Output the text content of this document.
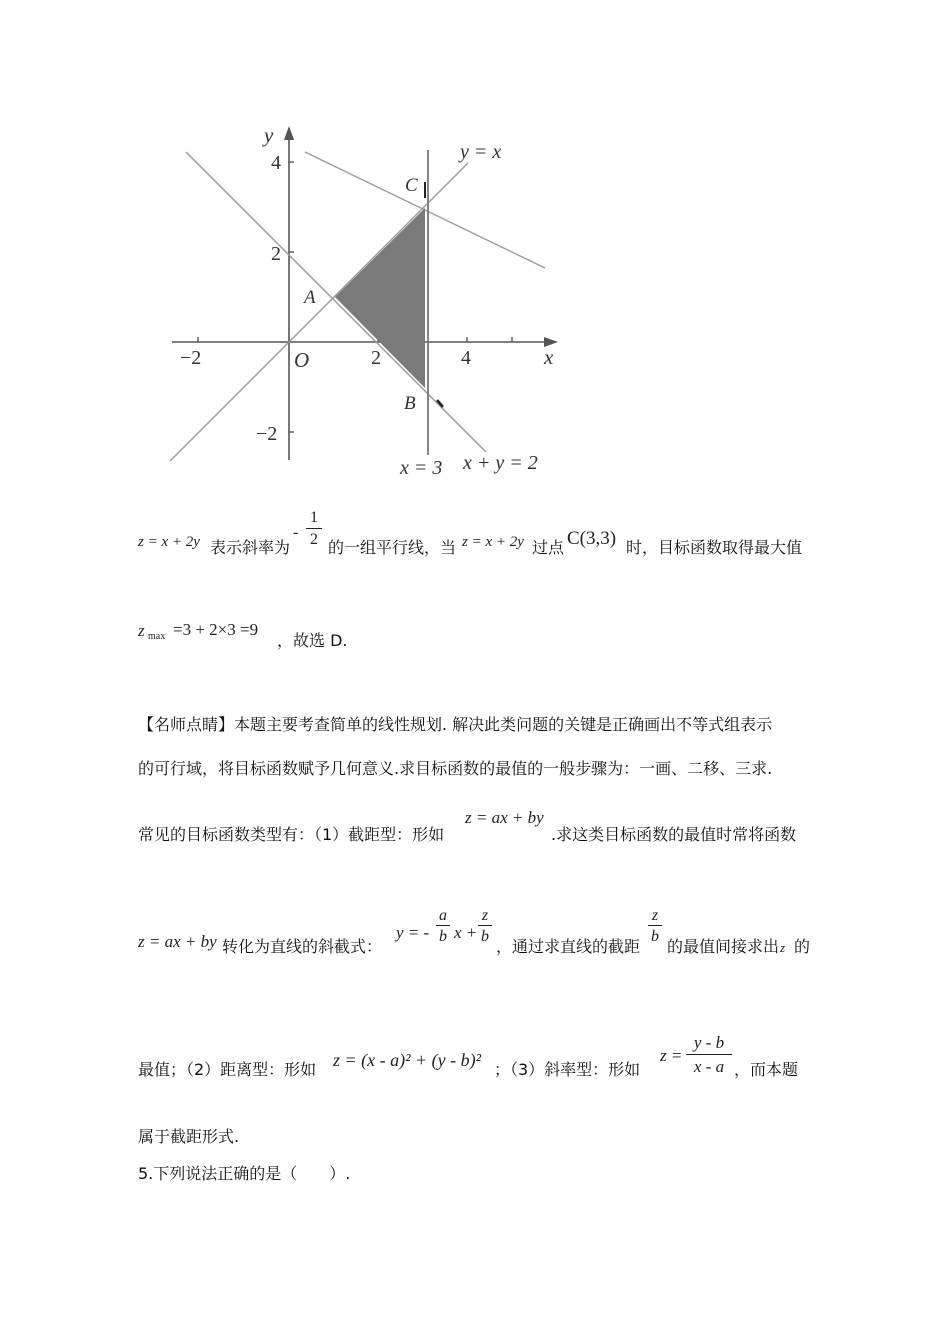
y
x
−2	2	4
4
2
−2
O
A
B
C
y = x
x = 3 x + y = 2
z = x + 2y 表示斜率为
- $\frac{1}{2}$ 的一组平行线，当 z = x + 2y 过点 C(3,3) 时，目标函数取得最大值
z max =3 + 2×3 =9
，故选 D.
【名师点睛】本题主要考查简单的线性规划. 解决此类问题的关键是正确画出不等式组表示
的可行域，将目标函数赋予几何意义.求目标函数的最值的一般步骤为：一画、二移、三求.
常见的目标函数类型有：（1）截距型：形如
z = ax + by
.求这类目标函数的最值时常将函数
z = ax + by 转化为直线的斜截式：
y = - $\frac{a}{b}$ $x + \frac{z}{b}$ ，通过求直线的截距 $\frac{z}{b}$ 的最值间接求出 z 的
最值；（2）距离型：形如 z = (x - a)² + (y - b)² ；（3）斜率型：形如
$z = \frac{y - b}{x - a}$ ，而本题
属于截距形式.
5.下列说法正确的是（　　）.
